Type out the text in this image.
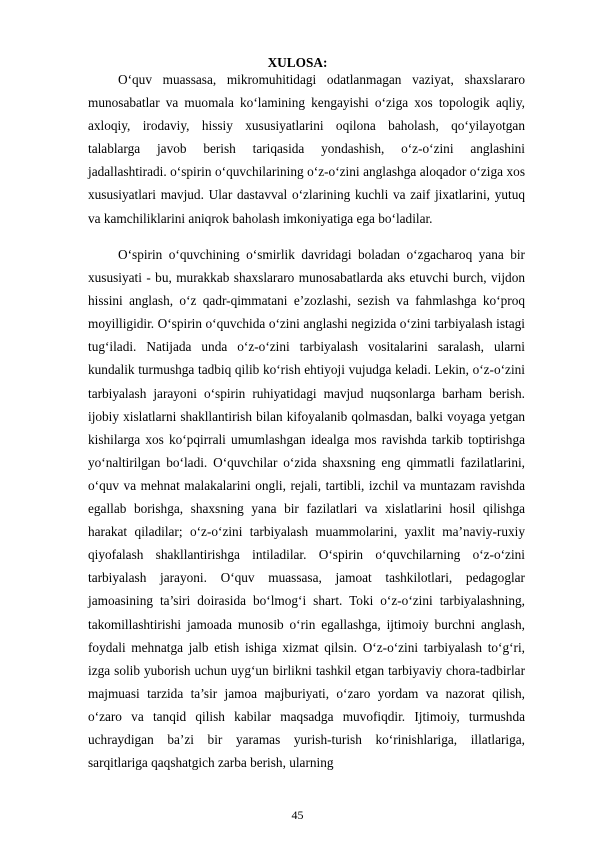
XULOSA:

O‘quv muassasa, mikromuhitidagi odatlanmagan vaziyat, shaxslararo munosabatlar va muomala ko‘lamining kengayishi o‘ziga xos topologik aqliy, axloqiy, irodaviy, hissiy xususiyatlarini oqilona baholash, qo‘yilayotgan talablarga javob berish tariqasida yondashish, o‘z-o‘zini anglashini jadallashtiradi. o‘spirin o‘quvchilarining o‘z-o‘zini anglashga aloqador o‘ziga xos xususiyatlari mavjud. Ular dastavval o‘zlarining kuchli va zaif jixatlarini, yutuq va kamchiliklarini aniqrok baholash imkoniyatiga ega bo‘ladilar.

O‘spirin o‘quvchining o‘smirlik davridagi boladan o‘zgacharoq yana bir xususiyati - bu, murakkab shaxslararo munosabatlarda aks etuvchi burch, vijdon hissini anglash, o‘z qadr-qimmatani e’zozlashi, sezish va fahmlashga ko‘proq moyilligidir. O‘spirin o‘quvchida o‘zini anglashi negizida o‘zini tarbiyalash istagi tug‘iladi. Natijada unda o‘z-o‘zini tarbiyalash vositalarini saralash, ularni kundalik turmushga tadbiq qilib ko‘rish ehtiyoji vujudga keladi. Lekin, o‘z-o‘zini tarbiyalash jarayoni o‘spirin ruhiyatidagi mavjud nuqsonlarga barham berish. ijobiy xislatlarni shakllantirish bilan kifoyalanib qolmasdan, balki voyaga yetgan kishilarga xos ko‘pqirrali umumlashgan idealga mos ravishda tarkib toptirishga yo‘naltirilgan bo‘ladi. O‘quvchilar o‘zida shaxsning eng qimmatli fazilatlarini, o‘quv va mehnat malakalarini ongli, rejali, tartibli, izchil va muntazam ravishda egallab borishga, shaxsning yana bir fazilatlari va xislatlarini hosil qilishga harakat qiladilar; o‘z-o‘zini tarbiyalash muammolarini, yaxlit ma’naviy-ruxiy qiyofalash shakllantirishga intiladilar. O‘spirin o‘quvchilarning o‘z-o‘zini tarbiyalash jarayoni. O‘quv muassasa, jamoat tashkilotlari, pedagoglar jamoasining ta’siri doirasida bo‘lmog‘i shart. Toki o‘z-o‘zini tarbiyalashning, takomillashtirishi jamoada munosib o‘rin egallashga, ijtimoiy burchni anglash, foydali mehnatga jalb etish ishiga xizmat qilsin. O‘z-o‘zini tarbiyalash to‘g‘ri, izga solib yuborish uchun uyg‘un birlikni tashkil etgan tarbiyaviy chora-tadbirlar majmuasi tarzida ta’sir jamoa majburiyati, o‘zaro yordam va nazorat qilish, o‘zaro va tanqid qilish kabilar maqsadga muvofiqdir. Ijtimoiy, turmushda uchraydigan ba’zi bir yaramas yurish-turish ko‘rinishlariga, illatlariga, sarqitlariga qaqshatgich zarba berish, ularning

45
